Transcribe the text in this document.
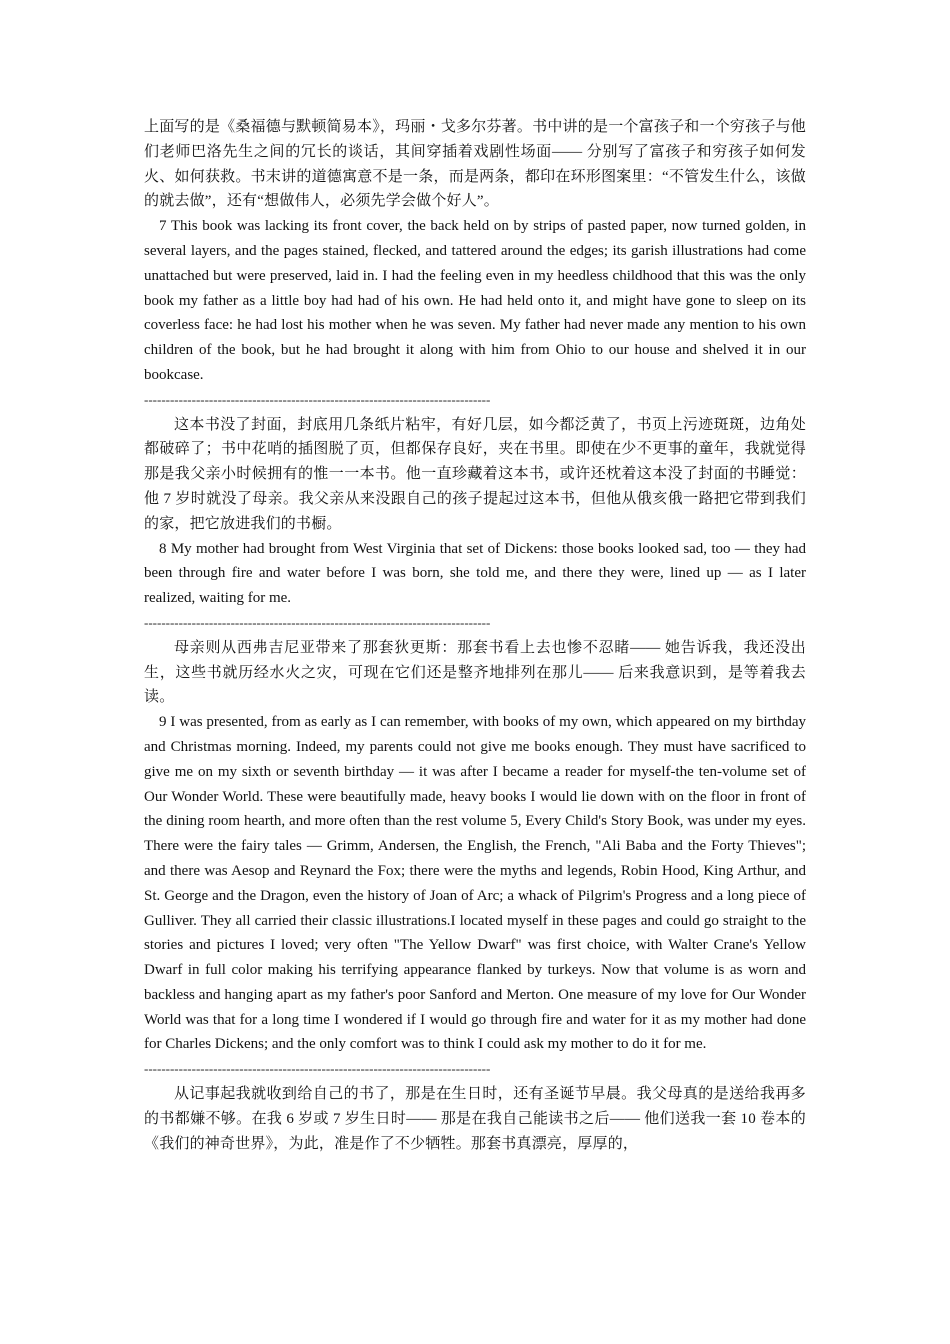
上面写的是《桑福德与默顿简易本》，玛丽・戈多尔芬著。书中讲的是一个富孩子和一个穷孩子与他们老师巴洛先生之间的冗长的谈话，其间穿插着戏剧性场面—— 分别写了富孩子和穷孩子如何发火、如何获救。书末讲的道德寓意不是一条，而是两条，都印在环形图案里：“不管发生什么，该做的就去做”，还有“想做伟人，必须先学会做个好人”。

7 This book was lacking its front cover, the back held on by strips of pasted paper, now turned golden, in several layers, and the pages stained, flecked, and tattered around the edges; its garish illustrations had come unattached but were preserved, laid in. I had the feeling even in my heedless childhood that this was the only book my father as a little boy had had of his own. He had held onto it, and might have gone to sleep on its coverless face: he had lost his mother when he was seven. My father had never made any mention to his own children of the book, but he had brought it along with him from Ohio to our house and shelved it in our bookcase.

--------------------------------------------------------------------------------

这本书没了封面，封底用几条纸片粘牢，有好几层，如今都泛黄了，书页上污迹斑斑，边角处都破碎了；书中花哨的插图脱了页，但都保存良好，夹在书里。即使在少不更事的童年，我就觉得那是我父亲小时候拥有的惟一一本书。他一直珍藏着这本书，或许还枕着这本没了封面的书睡觉：他 7 岁时就没了母亲。我父亲从来没跟自己的孩子提起过这本书，但他从俄亥俄一路把它带到我们的家，把它放进我们的书橱。

8 My mother had brought from West Virginia that set of Dickens: those books looked sad, too — they had been through fire and water before I was born, she told me, and there they were, lined up — as I later realized, waiting for me.

--------------------------------------------------------------------------------

母亲则从西弗吉尼亚带来了那套狄更斯：那套书看上去也惨不忍睹—— 她告诉我，我还没出生，这些书就历经水火之灾，可现在它们还是整齐地排列在那儿—— 后来我意识到，是等着我去读。

9 I was presented, from as early as I can remember, with books of my own, which appeared on my birthday and Christmas morning. Indeed, my parents could not give me books enough. They must have sacrificed to give me on my sixth or seventh birthday — it was after I became a reader for myself-the ten-volume set of Our Wonder World. These were beautifully made, heavy books I would lie down with on the floor in front of the dining room hearth, and more often than the rest volume 5, Every Child's Story Book, was under my eyes. There were the fairy tales — Grimm, Andersen, the English, the French, "Ali Baba and the Forty Thieves"; and there was Aesop and Reynard the Fox; there were the myths and legends, Robin Hood, King Arthur, and St. George and the Dragon, even the history of Joan of Arc; a whack of Pilgrim's Progress and a long piece of Gulliver. They all carried their classic illustrations.I located myself in these pages and could go straight to the stories and pictures I loved; very often "The Yellow Dwarf" was first choice, with Walter Crane's Yellow Dwarf in full color making his terrifying appearance flanked by turkeys. Now that volume is as worn and backless and hanging apart as my father's poor Sanford and Merton. One measure of my love for Our Wonder World was that for a long time I wondered if I would go through fire and water for it as my mother had done for Charles Dickens; and the only comfort was to think I could ask my mother to do it for me.

--------------------------------------------------------------------------------

从记事起我就收到给自己的书了，那是在生日时，还有圣诞节早晨。我父母真的是送给我再多的书都嫌不够。在我 6 岁或 7 岁生日时—— 那是在我自己能读书之后—— 他们送我一套 10 卷本的《我们的神奇世界》，为此，准是作了不少牺牲。那套书真漂亮，厚厚的，
